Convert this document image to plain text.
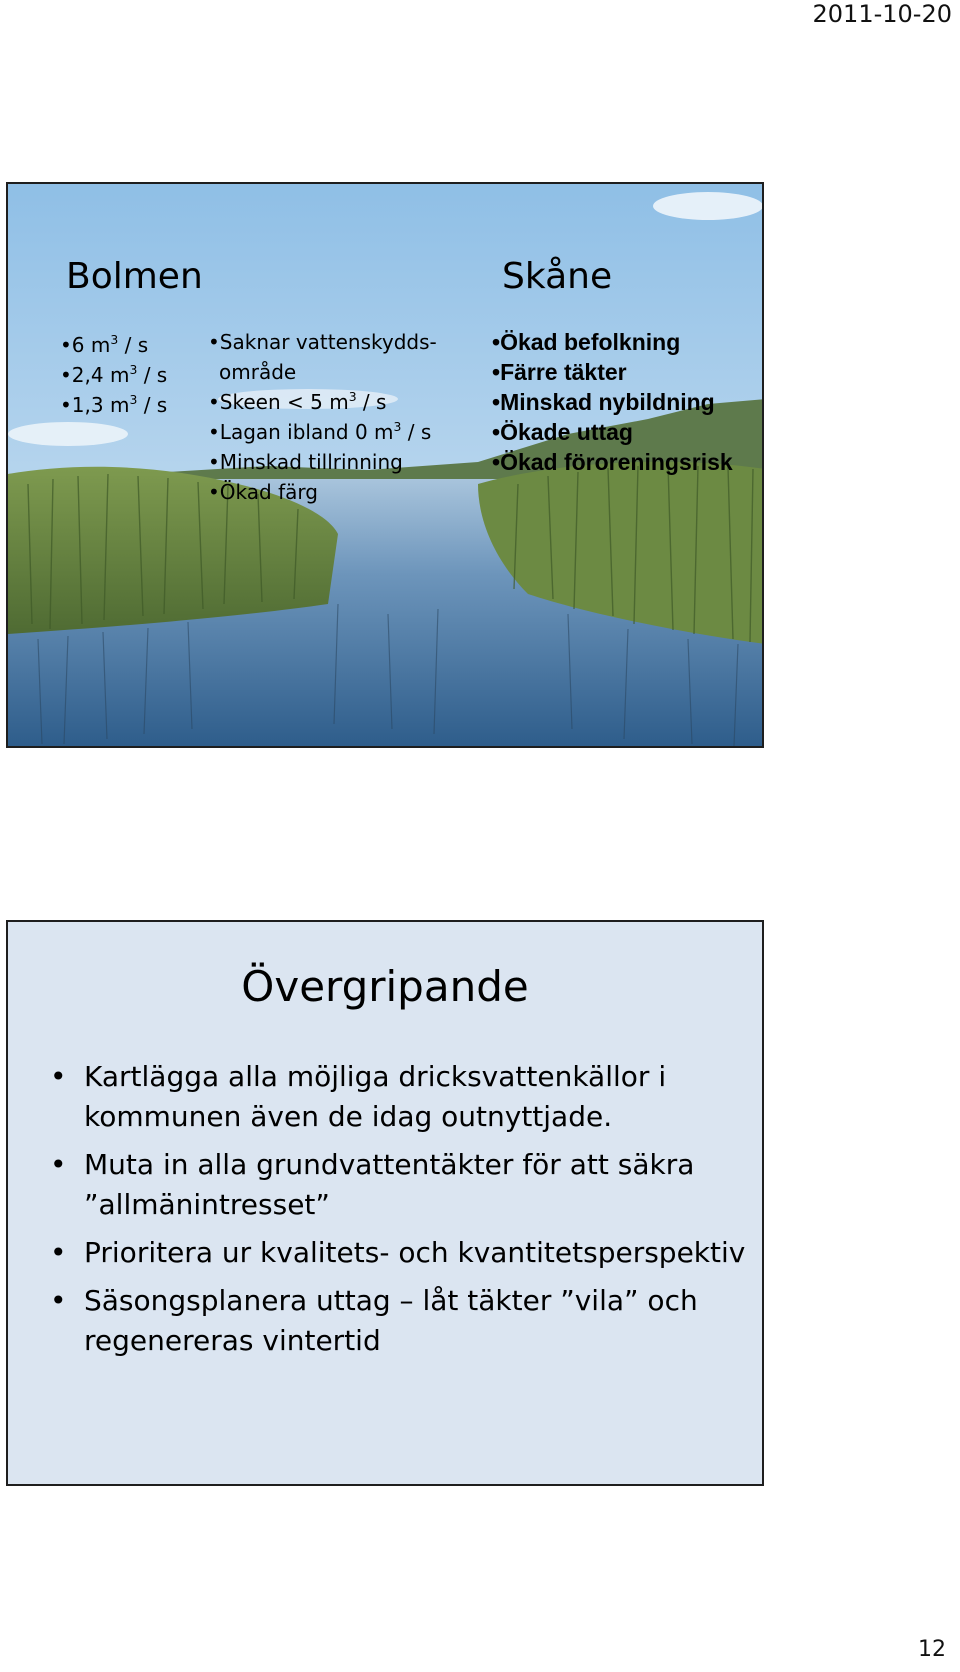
2011-10-20
Bolmen	Skåne
•6 $m^3$ / s
•2,4 $m^3$ / s
•1,3 $m^3$ / s
•Saknar vattenskydds-
område
•Skeen < 5 $m^3$ / s
•Lagan ibland 0 $m^3$ / s
•Minskad tillrinning
•Ökad färg
•Ökad befolkning
•Färre täkter
•Minskad nybildning
•Ökade uttag
•Ökad föroreningsrisk
Övergripande
• Kartlägga alla möjliga dricksvattenkällor i kommunen även de idag outnyttjade.
• Muta in alla grundvattentäkter för att säkra ”allmänintresset”
• Prioritera ur kvalitets- och kvantitetsperspektiv
• Säsongsplanera uttag – låt täkter ”vila” och regenereras vintertid
12
